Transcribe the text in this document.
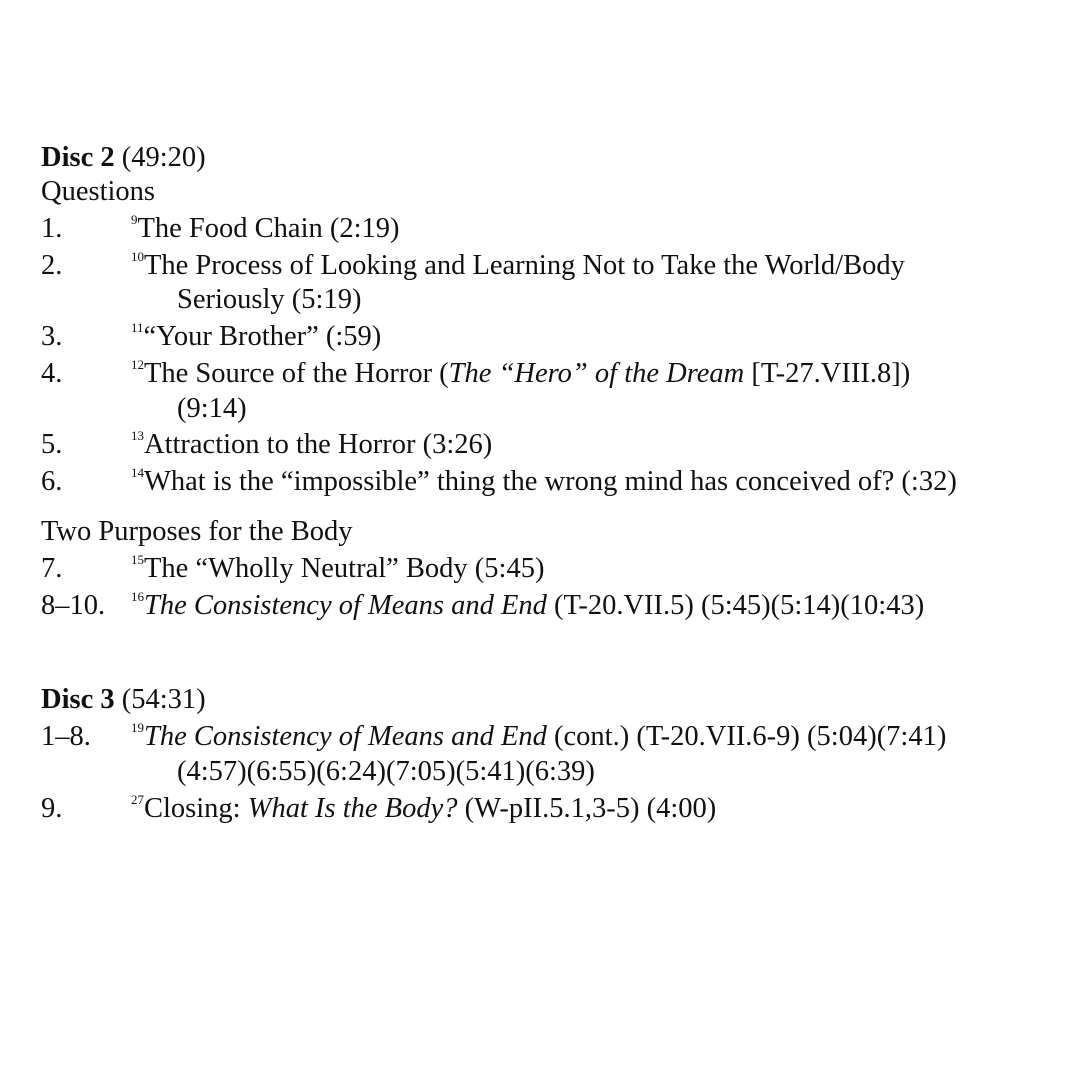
Disc 2 (49:20)
Questions
1.	$^9$The Food Chain (2:19)
2.	$^{10}$The Process of Looking and Learning Not to Take the World/Body
Seriously (5:19)
3.	$^{11}$“Your Brother” (:59)
4.	$^{12}$The Source of the Horror (The “Hero” of the Dream [T-27.VIII.8])
(9:14)
5.	$^{13}$Attraction to the Horror (3:26)
6.	$^{14}$What is the “impossible” thing the wrong mind has conceived of? (:32)
Two Purposes for the Body
7.	$^{15}$The “Wholly Neutral” Body (5:45)
8–10. $^{16}$The Consistency of Means and End (T-20.VII.5) (5:45)(5:14)(10:43)
Disc 3 (54:31)
1–8.	$^{19}$The Consistency of Means and End (cont.) (T-20.VII.6-9) (5:04)(7:41)
(4:57)(6:55)(6:24)(7:05)(5:41)(6:39)
9.	$^{27}$Closing: What Is the Body? (W-pII.5.1,3-5) (4:00)
